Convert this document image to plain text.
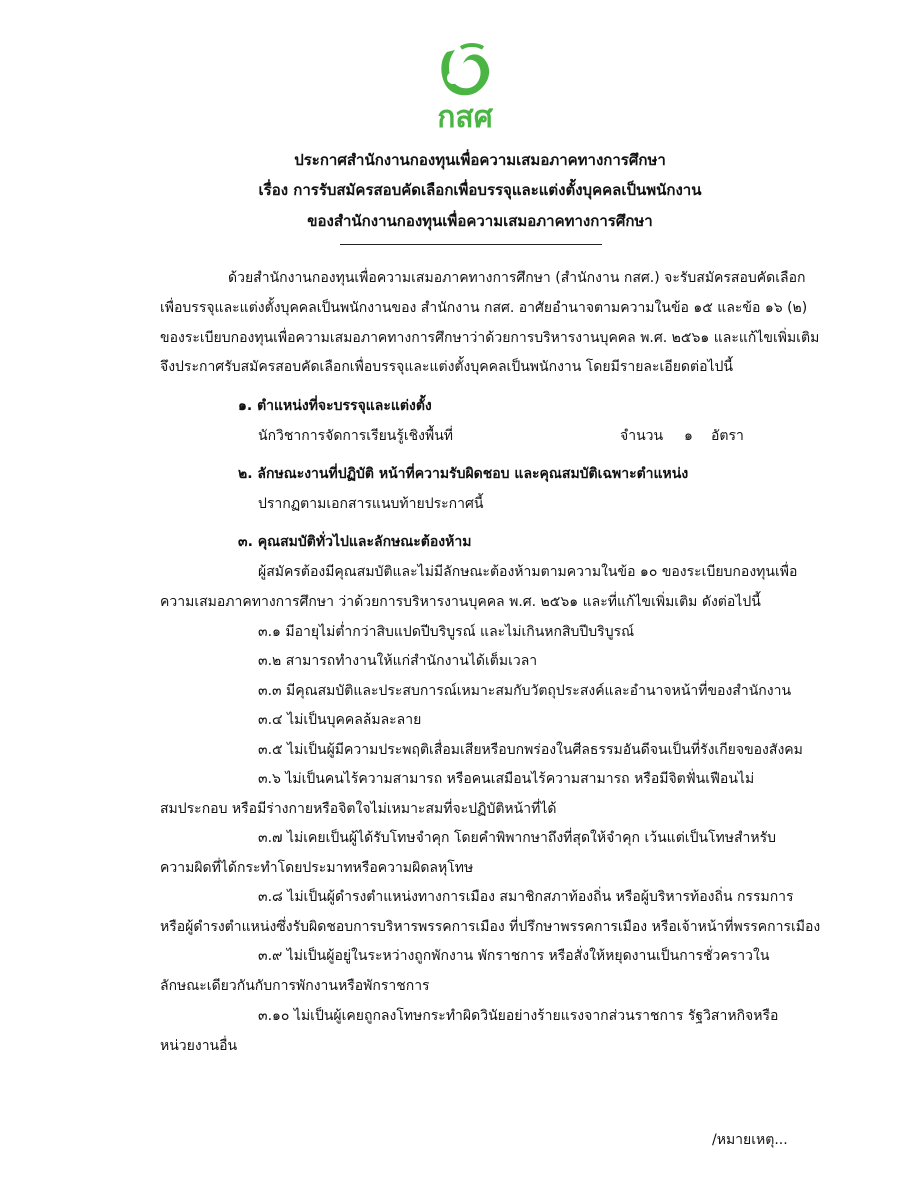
กสศ
ประกาศสำนักงานกองทุนเพื่อความเสมอภาคทางการศึกษา
เรื่อง การรับสมัครสอบคัดเลือกเพื่อบรรจุและแต่งตั้งบุคคลเป็นพนักงาน
ของสำนักงานกองทุนเพื่อความเสมอภาคทางการศึกษา
ด้วยสำนักงานกองทุนเพื่อความเสมอภาคทางการศึกษา (สำนักงาน กสศ.) จะรับสมัครสอบคัดเลือก
เพื่อบรรจุและแต่งตั้งบุคคลเป็นพนักงานของ สำนักงาน กสศ. อาศัยอำนาจตามความในข้อ ๑๕ และข้อ ๑๖ (๒)
ของระเบียบกองทุนเพื่อความเสมอภาคทางการศึกษาว่าด้วยการบริหารงานบุคคล พ.ศ. ๒๕๖๑ และแก้ไขเพิ่มเติม
จึงประกาศรับสมัครสอบคัดเลือกเพื่อบรรจุและแต่งตั้งบุคคลเป็นพนักงาน โดยมีรายละเอียดต่อไปนี้
๑. ตำแหน่งที่จะบรรจุและแต่งตั้ง
นักวิชาการจัดการเรียนรู้เชิงพื้นที่	จำนวน ๑ อัตรา
๒. ลักษณะงานที่ปฏิบัติ หน้าที่ความรับผิดชอบ และคุณสมบัติเฉพาะตำแหน่ง
ปรากฏตามเอกสารแนบท้ายประกาศนี้
๓. คุณสมบัติทั่วไปและลักษณะต้องห้าม
ผู้สมัครต้องมีคุณสมบัติและไม่มีลักษณะต้องห้ามตามความในข้อ ๑๐ ของระเบียบกองทุนเพื่อ
ความเสมอภาคทางการศึกษา ว่าด้วยการบริหารงานบุคคล พ.ศ. ๒๕๖๑ และที่แก้ไขเพิ่มเติม ดังต่อไปนี้
๓.๑ มีอายุไม่ต่ำกว่าสิบแปดปีบริบูรณ์ และไม่เกินหกสิบปีบริบูรณ์
๓.๒ สามารถทำงานให้แก่สำนักงานได้เต็มเวลา
๓.๓ มีคุณสมบัติและประสบการณ์เหมาะสมกับวัตถุประสงค์และอำนาจหน้าที่ของสำนักงาน
๓.๔ ไม่เป็นบุคคลล้มละลาย
๓.๕ ไม่เป็นผู้มีความประพฤติเสื่อมเสียหรือบกพร่องในศีลธรรมอันดีจนเป็นที่รังเกียจของสังคม
๓.๖ ไม่เป็นคนไร้ความสามารถ หรือคนเสมือนไร้ความสามารถ หรือมีจิตฟั่นเฟือนไม่
สมประกอบ หรือมีร่างกายหรือจิตใจไม่เหมาะสมที่จะปฏิบัติหน้าที่ได้
๓.๗ ไม่เคยเป็นผู้ได้รับโทษจำคุก โดยคำพิพากษาถึงที่สุดให้จำคุก เว้นแต่เป็นโทษสำหรับ
ความผิดที่ได้กระทำโดยประมาทหรือความผิดลหุโทษ
๓.๘ ไม่เป็นผู้ดำรงตำแหน่งทางการเมือง สมาชิกสภาท้องถิ่น หรือผู้บริหารท้องถิ่น กรรมการ
หรือผู้ดำรงตำแหน่งซึ่งรับผิดชอบการบริหารพรรคการเมือง ที่ปรึกษาพรรคการเมือง หรือเจ้าหน้าที่พรรคการเมือง
๓.๙ ไม่เป็นผู้อยู่ในระหว่างถูกพักงาน พักราชการ หรือสั่งให้หยุดงานเป็นการชั่วคราวใน
ลักษณะเดียวกันกับการพักงานหรือพักราชการ
๓.๑๐ ไม่เป็นผู้เคยถูกลงโทษกระทำผิดวินัยอย่างร้ายแรงจากส่วนราชการ รัฐวิสาหกิจหรือ
หน่วยงานอื่น
/หมายเหตุ...
